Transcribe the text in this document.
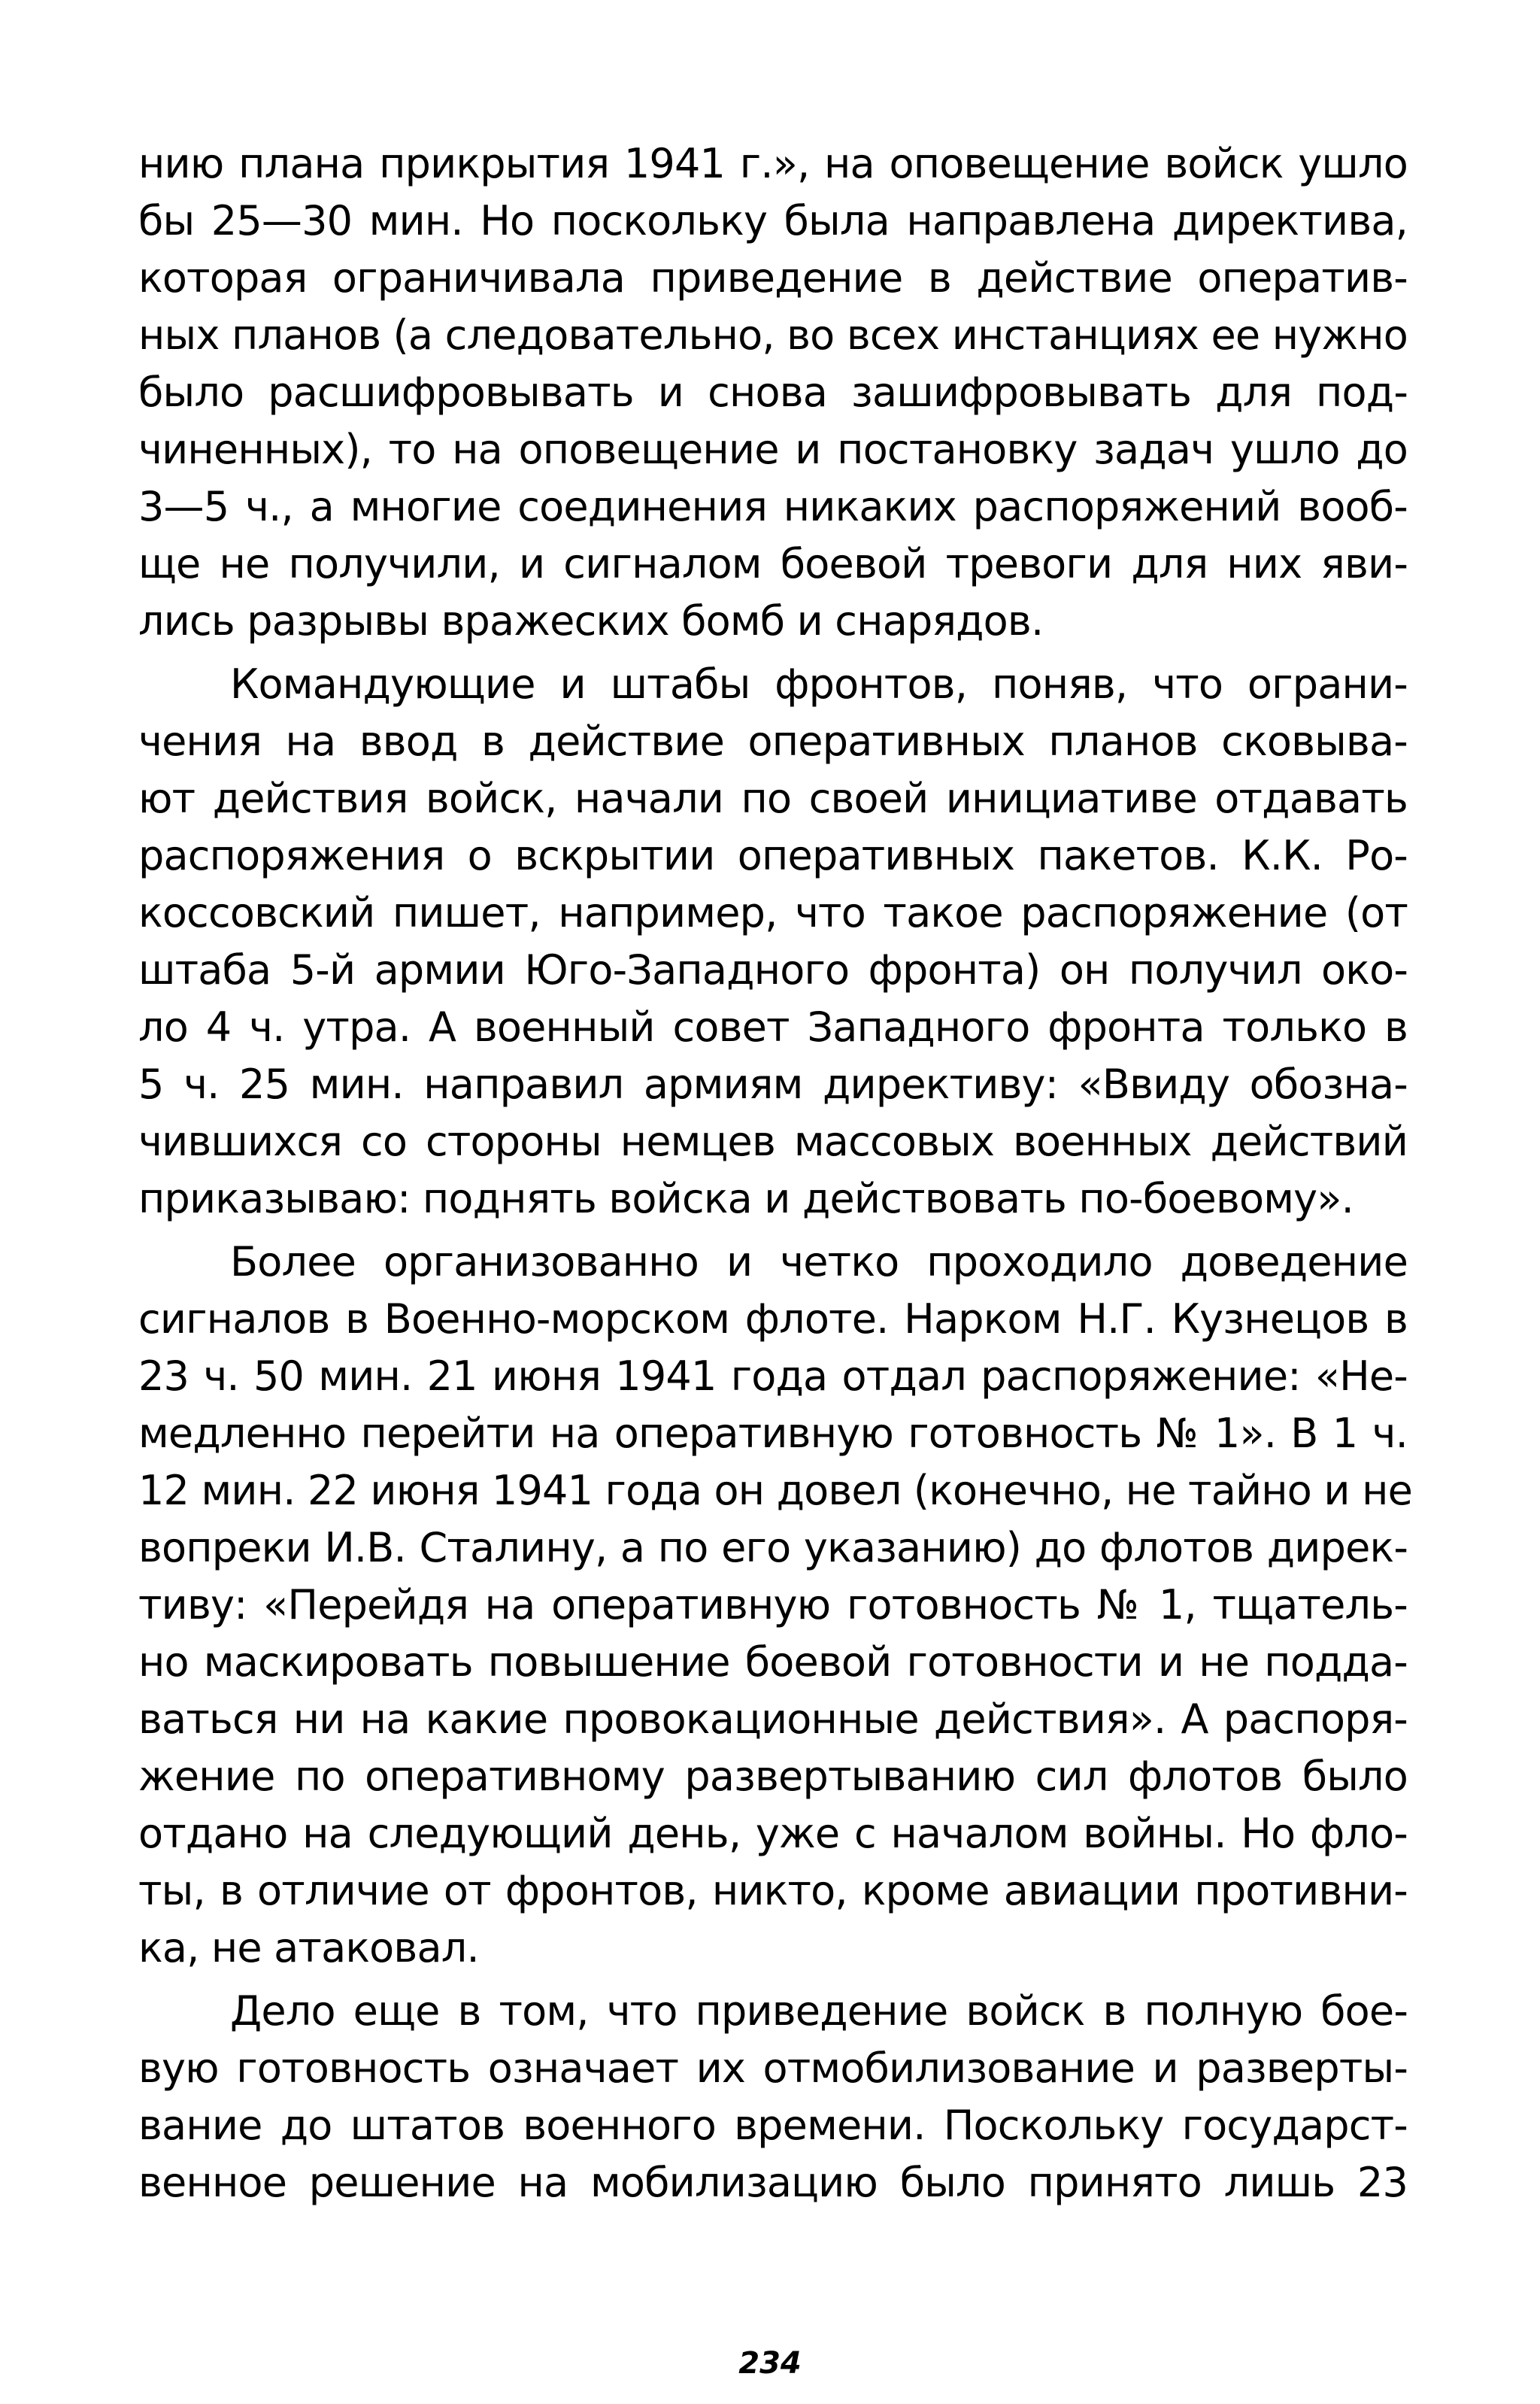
нию плана прикрытия 1941 г.», на оповещение войск ушло
бы 25—30 мин. Но поскольку была направлена директива,
которая ограничивала приведение в действие оператив-
ных планов (а следовательно, во всех инстанциях ее нужно
было расшифровывать и снова зашифровывать для под-
чиненных), то на оповещение и постановку задач ушло до
3—5 ч., а многие соединения никаких распоряжений вооб-
ще не получили, и сигналом боевой тревоги для них яви-
лись разрывы вражеских бомб и снарядов.
Командующие и штабы фронтов, поняв, что ограни-
чения на ввод в действие оперативных планов сковыва-
ют действия войск, начали по своей инициативе отдавать
распоряжения о вскрытии оперативных пакетов. К.К. Ро-
коссовский пишет, например, что такое распоряжение (от
штаба 5-й армии Юго-Западного фронта) он получил око-
ло 4 ч. утра. А военный совет Западного фронта только в
5 ч. 25 мин. направил армиям директиву: «Ввиду обозна-
чившихся со стороны немцев массовых военных действий
приказываю: поднять войска и действовать по-боевому».
Более организованно и четко проходило доведение
сигналов в Военно-морском флоте. Нарком Н.Г. Кузнецов в
23 ч. 50 мин. 21 июня 1941 года отдал распоряжение: «Не-
медленно перейти на оперативную готовность № 1». В 1 ч.
12 мин. 22 июня 1941 года он довел (конечно, не тайно и не
вопреки И.В. Сталину, а по его указанию) до флотов дирек-
тиву: «Перейдя на оперативную готовность № 1, тщатель-
но маскировать повышение боевой готовности и не подда-
ваться ни на какие провокационные действия». А распоря-
жение по оперативному развертыванию сил флотов было
отдано на следующий день, уже с началом войны. Но фло-
ты, в отличие от фронтов, никто, кроме авиации противни-
ка, не атаковал.
Дело еще в том, что приведение войск в полную бое-
вую готовность означает их отмобилизование и разверты-
вание до штатов военного времени. Поскольку государст-
венное решение на мобилизацию было принято лишь 23
234
